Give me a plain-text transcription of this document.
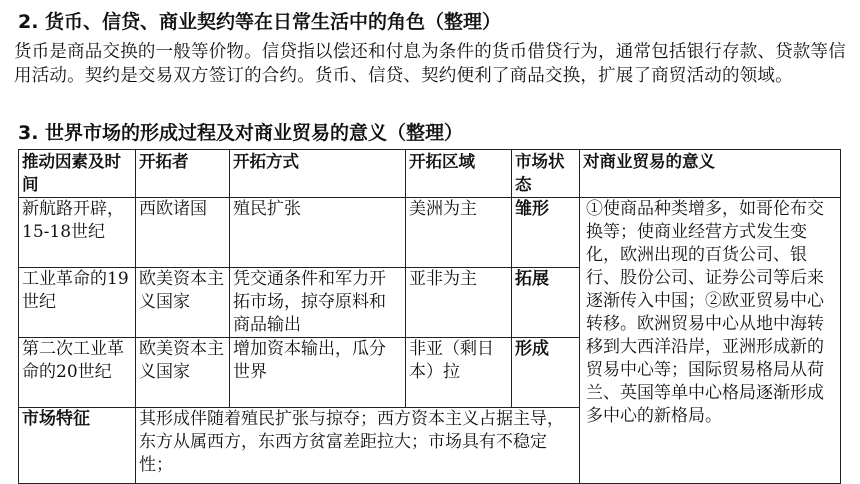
2. 货币、信贷、商业契约等在日常生活中的角色（整理）
货币是商品交换的一般等价物。信贷指以偿还和付息为条件的货币借贷行为，通常包括银行存款、贷款等信用活动。契约是交易双方签订的合约。货币、信贷、契约便利了商品交换，扩展了商贸活动的领域。
3. 世界市场的形成过程及对商业贸易的意义（整理）
推动因素及时间	开拓者	开拓方式	开拓区域	市场状态	对商业贸易的意义
新航路开辟，15-18世纪	西欧诸国	殖民扩张	美洲为主	雏形	①使商品种类增多，如哥伦布交换等；使商业经营方式发生变化，欧洲出现的百货公司、银行、股份公司、证券公司等后来逐渐传入中国；②欧亚贸易中心转移。欧洲贸易中心从地中海转移到大西洋沿岸，亚洲形成新的贸易中心等；国际贸易格局从荷兰、英国等单中心格局逐渐形成多中心的新格局。
工业革命的19世纪	欧美资本主义国家	凭交通条件和军力开拓市场，掠夺原料和商品输出	亚非为主	拓展	
第二次工业革命的20世纪	欧美资本主义国家	增加资本输出，瓜分世界	非亚（剩日本）拉	形成	
市场特征	其形成伴随着殖民扩张与掠夺；西方资本主义占据主导，东方从属西方，东西方贫富差距拉大；市场具有不稳定性；				
